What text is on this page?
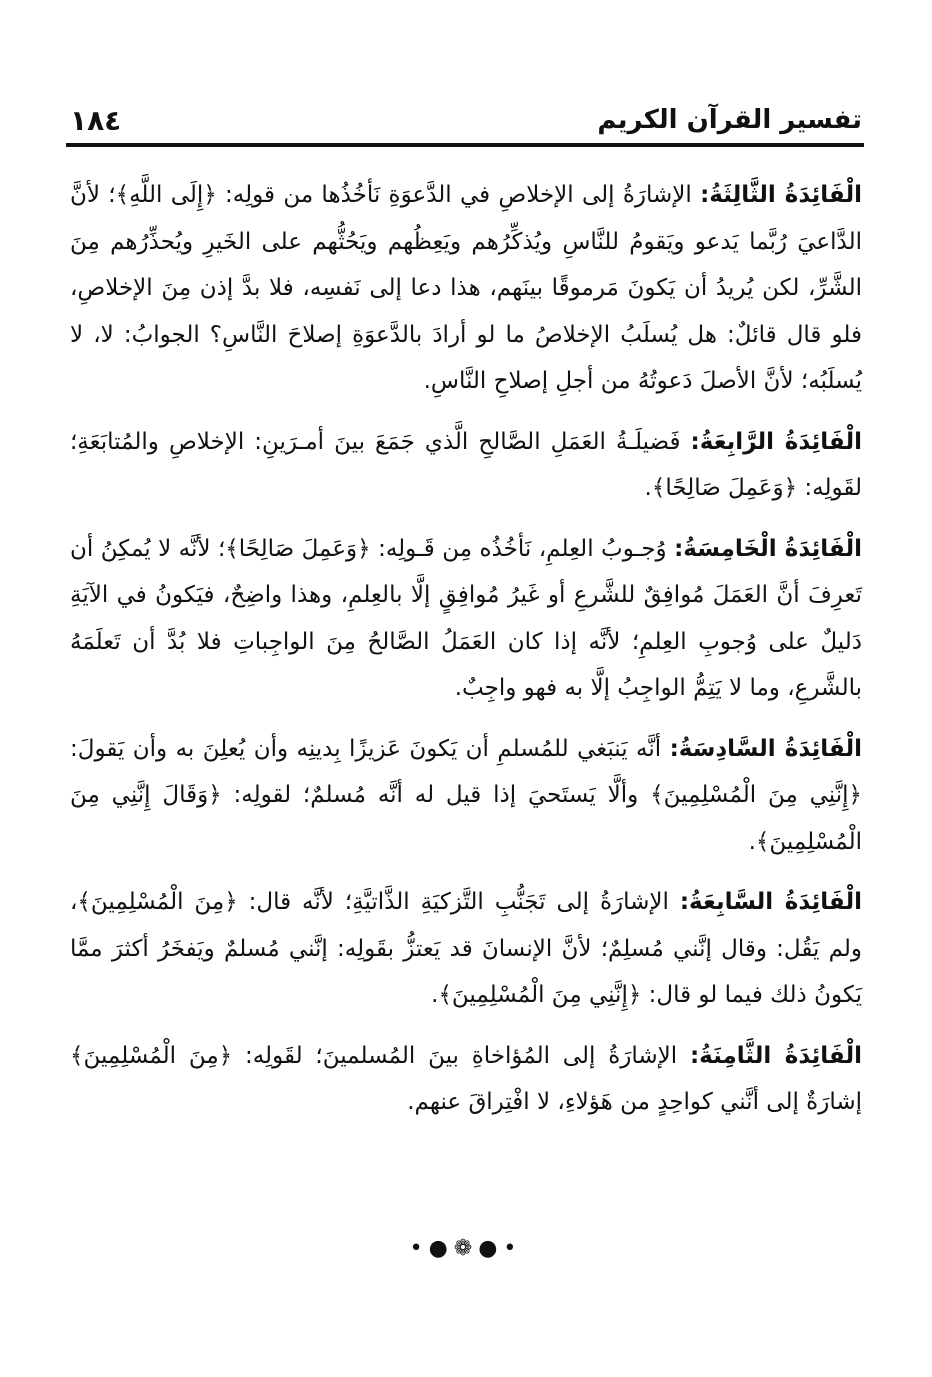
١٨٤	تفسير القرآن الكريم

الْفَائِدَةُ الثَّالِثَةُ: الإشارَةُ إلى الإخلاصِ في الدَّعوَةِ نَأخُذُها من قولِه: ﴿إِلَى اللَّهِ﴾؛ لأنَّ الدَّاعيَ رُبَّما يَدعو ويَقومُ للنَّاسِ ويُذكِّرُهم ويَعِظُهم ويَحُثُّهم على الخَيرِ ويُحذِّرُهم مِنَ الشَّرِّ، لكن يُريدُ أن يَكونَ مَرموقًا بينَهم، هذا دعا إلى نَفسِه، فلا بدَّ إذن مِنَ الإخلاصِ، فلو قال قائلٌ: هل يُسلَبُ الإخلاصُ ما لو أرادَ بالدَّعوَةِ إصلاحَ النَّاسِ؟ الجوابُ: لا، لا يُسلَبُه؛ لأنَّ الأصلَ دَعوتُهُ من أجلِ إصلاحِ النَّاسِ.

الْفَائِدَةُ الرَّابِعَةُ: فَضيلَـةُ العَمَلِ الصَّالحِ الَّذي جَمَعَ بينَ أمـرَينِ: الإخلاصِ والمُتابَعَةِ؛ لقَولِه: ﴿وَعَمِلَ صَالِحًا﴾.

الْفَائِدَةُ الْخَامِسَةُ: وُجـوبُ العِلمِ، نَأخُذُه مِن قَـولِه: ﴿وَعَمِلَ صَالِحًا﴾؛ لأنَّه لا يُمكِنُ أن تَعرِفَ أنَّ العَمَلَ مُوافِقٌ للشَّرعِ أو غَيرُ مُوافِقٍ إلَّا بالعِلمِ، وهذا واضِحٌ، فيَكونُ في الآيَةِ دَليلٌ على وُجوبِ العِلمِ؛ لأنَّه إذا كان العَمَلُ الصَّالحُ مِنَ الواجِباتِ فلا بُدَّ أن تَعلَمَهُ بالشَّرعِ، وما لا يَتِمُّ الواجِبُ إلَّا به فهو واجِبٌ.

الْفَائِدَةُ السَّادِسَةُ: أنَّه يَنبَغي للمُسلمِ أن يَكونَ عَزيزًا بِدينِه وأن يُعلِنَ به وأن يَقولَ: ﴿إِنَّنِي مِنَ الْمُسْلِمِينَ﴾ وألَّا يَستَحيَ إذا قيل له أنَّه مُسلمٌ؛ لقولِه: ﴿وَقَالَ إِنَّنِي مِنَ الْمُسْلِمِينَ﴾.

الْفَائِدَةُ السَّابِعَةُ: الإشارَةُ إلى تَجَنُّبِ التَّزكيَةِ الذَّاتيَّةِ؛ لأنَّه قال: ﴿مِنَ الْمُسْلِمِينَ﴾، ولم يَقُل: وقال إنَّني مُسلِمٌ؛ لأنَّ الإنسانَ قد يَعتزُّ بقَولِه: إنَّني مُسلمٌ ويَفخَرُ أكثرَ ممَّا يَكونُ ذلك فيما لو قال: ﴿إِنَّنِي مِنَ الْمُسْلِمِينَ﴾.

الْفَائِدَةُ الثَّامِنَةُ: الإشارَةُ إلى المُؤاخاةِ بينَ المُسلمينَ؛ لقَولِه: ﴿مِنَ الْمُسْلِمِينَ﴾ إشارَةٌ إلى أنَّني كواحِدٍ من هَؤلاءِ، لا افْتِراقَ عنهم.

•●❁●•
